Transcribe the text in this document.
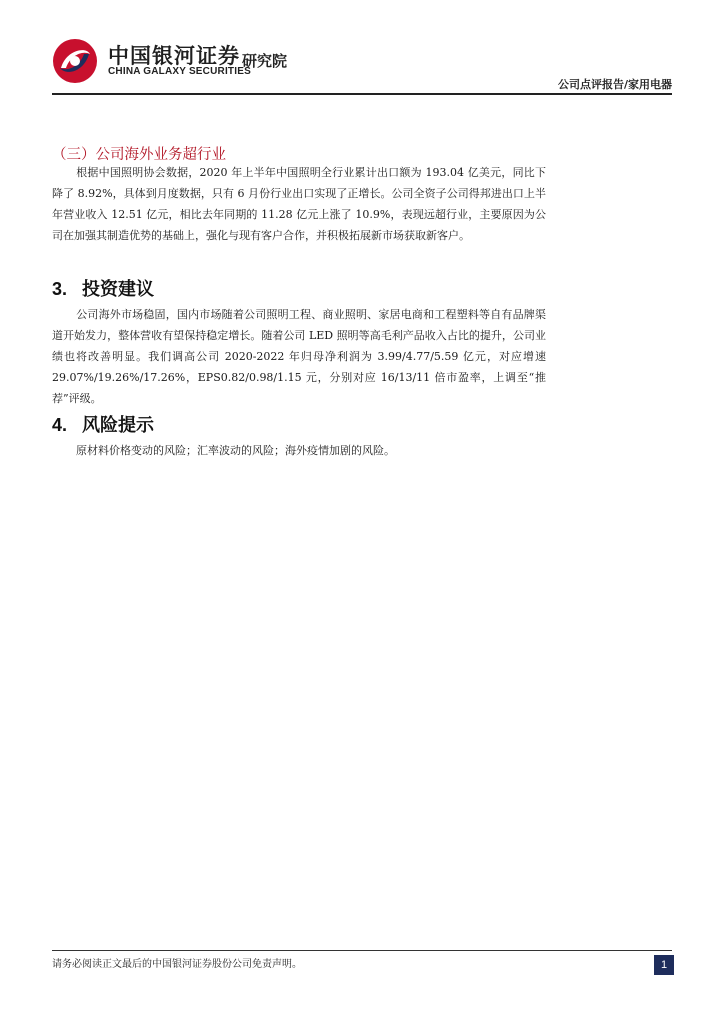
中国银河证券
CHINA GALAXY SECURITIES
研究院
公司点评报告/家用电器
（三）公司海外业务超行业
根据中国照明协会数据，2020 年上半年中国照明全行业累计出口额为 193.04 亿美元，同比下降了 8.92%，具体到月度数据，只有 6 月份行业出口实现了正增长。公司全资子公司得邦进出口上半年营业收入 12.51 亿元，相比去年同期的 11.28 亿元上涨了 10.9%，表现远超行业，主要原因为公司在加强其制造优势的基础上，强化与现有客户合作，并积极拓展新市场获取新客户。
3. 投资建议
公司海外市场稳固，国内市场随着公司照明工程、商业照明、家居电商和工程塑料等自有品牌渠道开始发力，整体营收有望保持稳定增长。随着公司 LED 照明等高毛利产品收入占比的提升，公司业绩也将改善明显。我们调高公司 2020-2022 年归母净利润为 3.99/4.77/5.59 亿元，对应增速 29.07%/19.26%/17.26%，EPS0.82/0.98/1.15 元，分别对应 16/13/11 倍市盈率，上调至“推荐”评级。
4. 风险提示
原材料价格变动的风险；汇率波动的风险；海外疫情加剧的风险。
请务必阅读正文最后的中国银河证券股份公司免责声明。	1
